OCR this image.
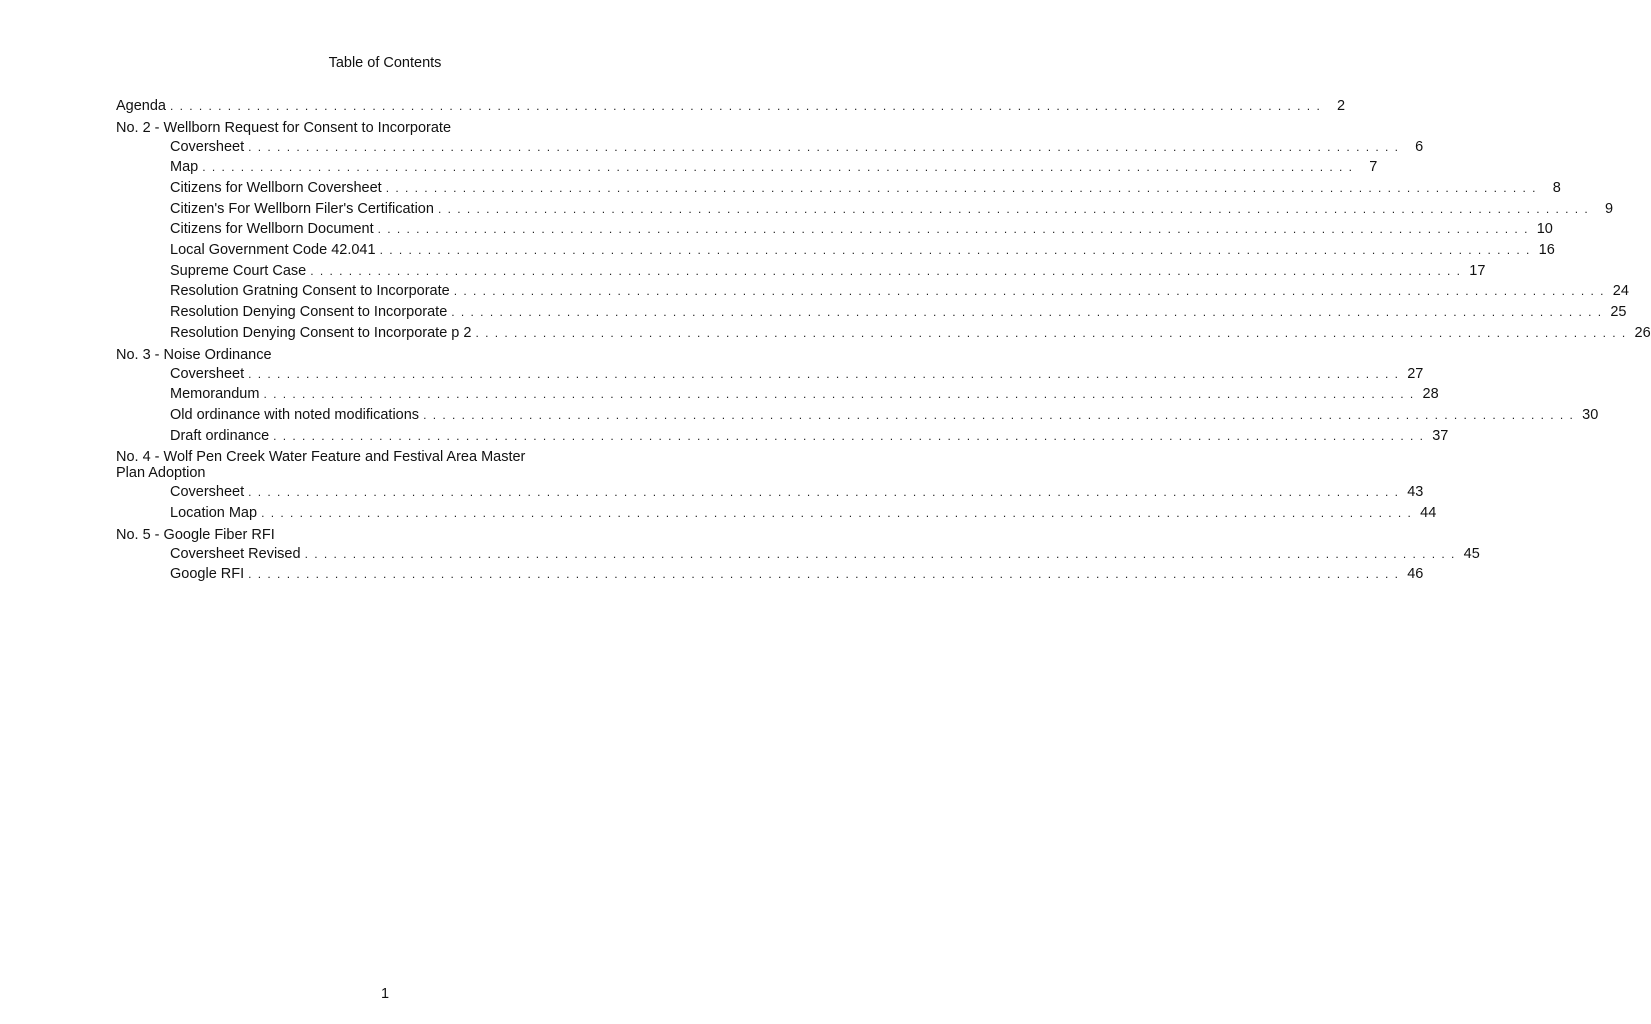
Table of Contents
Agenda ........................................................................................................................ 2
No. 2 - Wellborn Request for Consent to Incorporate
Coversheet ........................................................................................................................ 6
Map ........................................................................................................................ 7
Citizens for Wellborn Coversheet ........................................................................................................................ 8
Citizen's For Wellborn Filer's Certification ........................................................................................................................ 9
Citizens for Wellborn Document ........................................................................................................................ 10
Local Government Code 42.041 ........................................................................................................................ 16
Supreme Court Case ........................................................................................................................ 17
Resolution Gratning Consent to Incorporate ........................................................................................................................ 24
Resolution Denying Consent to Incorporate ........................................................................................................................ 25
Resolution Denying Consent to Incorporate p 2 ........................................................................................................................ 26
No. 3 - Noise Ordinance
Coversheet ........................................................................................................................ 27
Memorandum ........................................................................................................................ 28
Old ordinance with noted modifications ........................................................................................................................ 30
Draft ordinance ........................................................................................................................ 37
No. 4 - Wolf Pen Creek Water Feature and Festival Area Master Plan Adoption
Coversheet ........................................................................................................................ 43
Location Map ........................................................................................................................ 44
No. 5 - Google Fiber RFI
Coversheet Revised ........................................................................................................................ 45
Google RFI ........................................................................................................................ 46
1
